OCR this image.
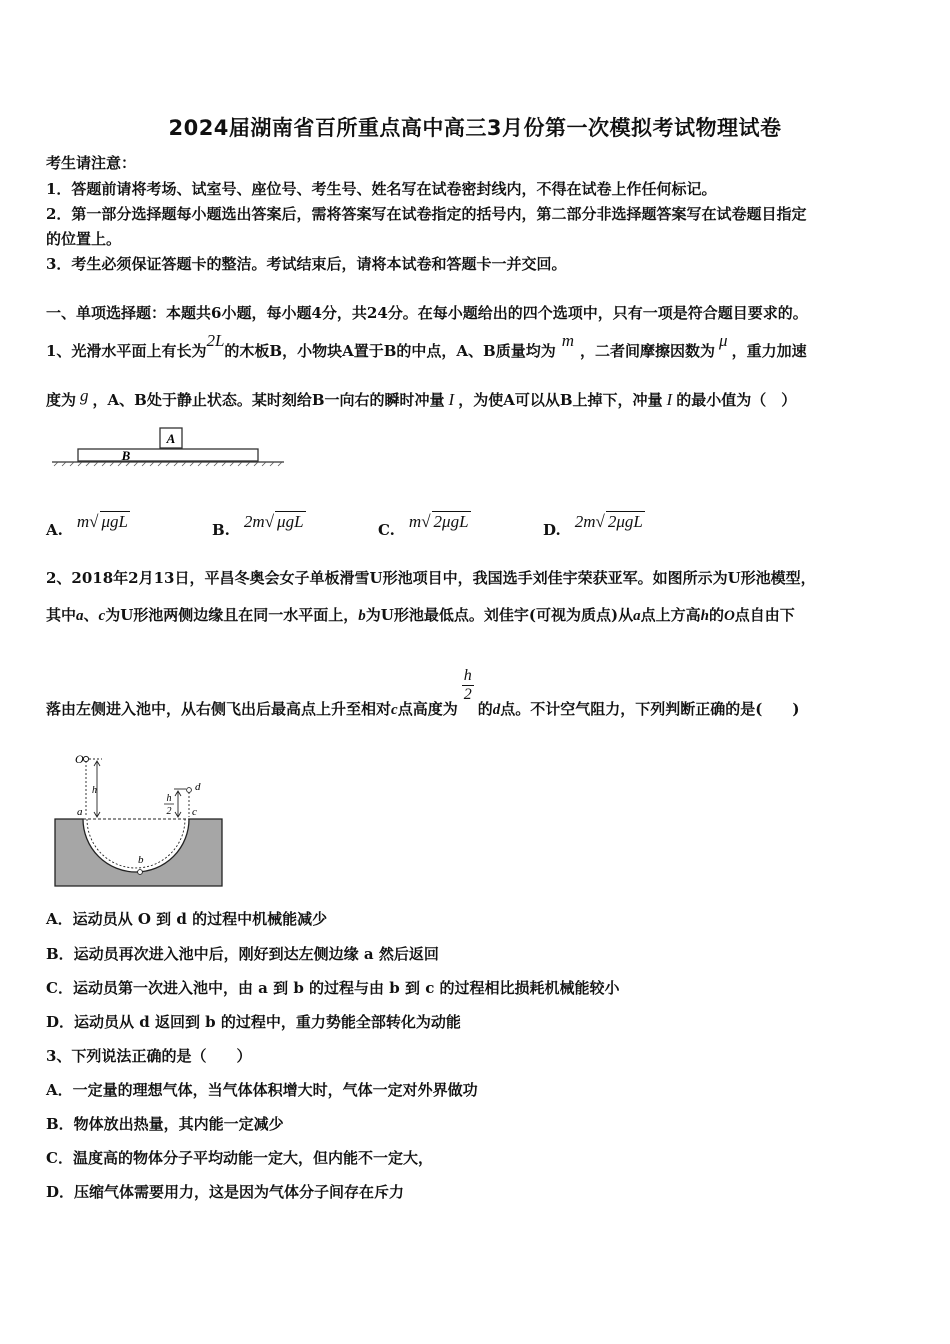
2024届湖南省百所重点高中高三3月份第一次模拟考试物理试卷
考生请注意：
1．答题前请将考场、试室号、座位号、考生号、姓名写在试卷密封线内，不得在试卷上作任何标记。
2．第一部分选择题每小题选出答案后，需将答案写在试卷指定的括号内，第二部分非选择题答案写在试卷题目指定
的位置上。
3．考生必须保证答题卡的整洁。考试结束后，请将本试卷和答题卡一并交回。
一、单项选择题：本题共6小题，每小题4分，共24分。在每小题给出的四个选项中，只有一项是符合题目要求的。
1、光滑水平面上有长为2L的木板B，小物块A置于B的中点，A、B质量均为m，二者间摩擦因数为μ，重力加速
度为 g ，A、B处于静止状态。某时刻给B一向右的瞬时冲量 I ，为使A可以从B上掉下，冲量 I 的最小值为（　）
A
B
A. m√ μgL	B. 2m√ μgL	C. m√ 2μgL	D. 2m√ 2μgL
2、2018年2月13日，平昌冬奥会女子单板滑雪U形池项目中，我国选手刘佳宇荣获亚军。如图所示为U形池模型，
其中a、c为U形池两侧边缘且在同一水平面上，b为U形池最低点。刘佳宇(可视为质点)从a点上方高h的O点自由下
落由左侧进入池中，从右侧飞出后最高点上升至相对c点高度为
$\frac{h}{2}$
的d点。不计空气阻力，下列判断正确的是(　　)
O
h
a
b
c
d
h
2
A．运动员从 O 到 d 的过程中机械能减少
B．运动员再次进入池中后，刚好到达左侧边缘 a 然后返回
C．运动员第一次进入池中，由 a 到 b 的过程与由 b 到 c 的过程相比损耗机械能较小
D．运动员从 d 返回到 b 的过程中，重力势能全部转化为动能
3、下列说法正确的是（　　）
A．一定量的理想气体，当气体体积增大时，气体一定对外界做功
B．物体放出热量，其内能一定减少
C．温度高的物体分子平均动能一定大，但内能不一定大，
D．压缩气体需要用力，这是因为气体分子间存在斥力
